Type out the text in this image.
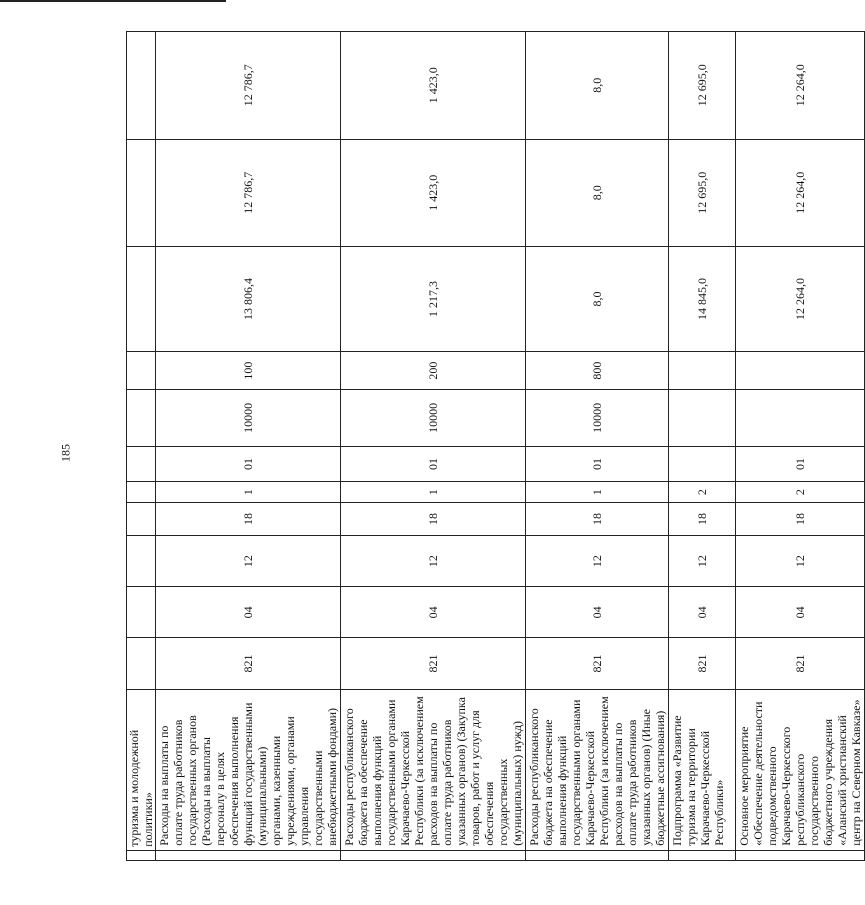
185
	туризма и молодежной политики»											
	Расходы на выплаты по оплате труда работников государственных органов (Расходы на выплаты персоналу в целях обеспечения выполнения функций государственными (муниципальными) органами, казенными учреждениями, органами управления государственными внебюджетными фондами)	821	04	12	18	1	01	10000	100	13 806,4	12 786,7	12 786,7
	Расходы республиканского бюджета на обеспечение выполнения функций государственными органами Карачаево-Черкесской Республики (за исключением расходов на выплаты по оплате труда работников указанных органов) (Закупка товаров, работ и услуг для обеспечения государственных (муниципальных) нужд)	821	04	12	18	1	01	10000	200	1 217,3	1 423,0	1 423,0
	Расходы республиканского бюджета на обеспечение выполнения функций государственными органами Карачаево-Черкесской Республики (за исключением расходов на выплаты по оплате труда работников указанных органов) (Иные бюджетные ассигнования)	821	04	12	18	1	01	10000	800	8,0	8,0	8,0
	Подпрограмма «Развитие туризма на территории Карачаево-Черкесской Республики»	821	04	12	18	2				14 845,0	12 695,0	12 695,0
	Основное мероприятие «Обеспечение деятельности подведомственного Карачаево-Черкесского республиканского государственного бюджетного учреждения «Аланский христианский центр на Северном Кавказе»	821	04	12	18	2	01			12 264,0	12 264,0	12 264,0
